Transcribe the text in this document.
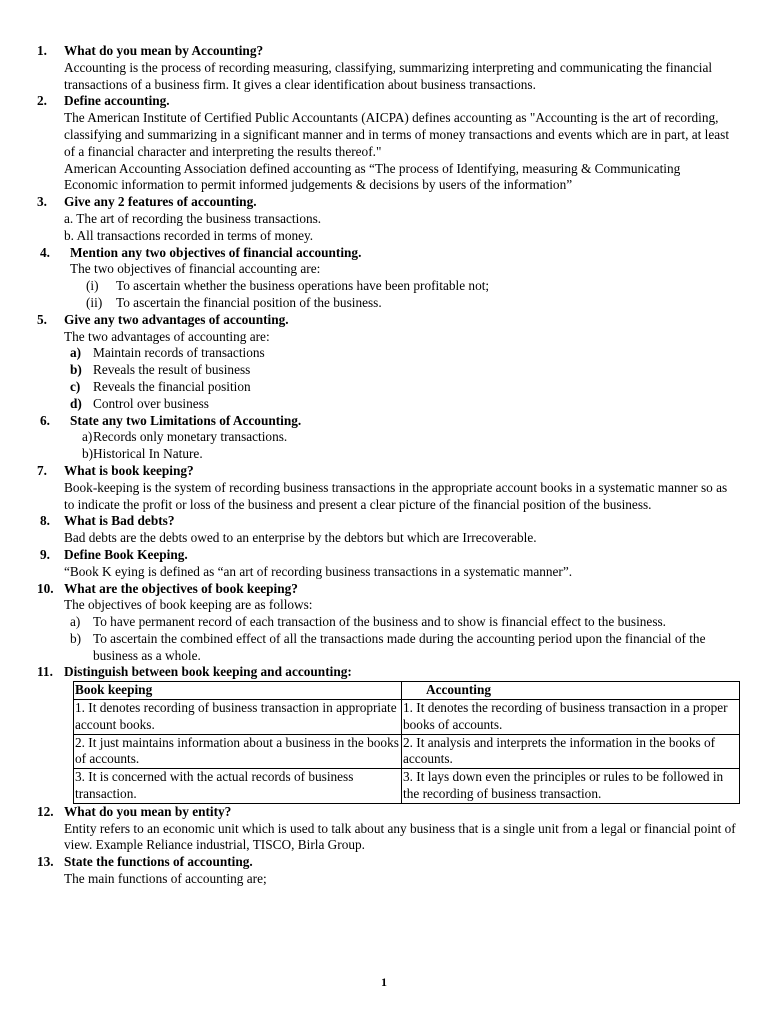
1. What do you mean by Accounting?
Accounting is the process of recording measuring, classifying, summarizing interpreting and communicating the financial transactions of a business firm. It gives a clear identification about business transactions.
2. Define accounting.
The American Institute of Certified Public Accountants (AICPA) defines accounting as "Accounting is the art of recording, classifying and summarizing in a significant manner and in terms of money transactions and events which are in part, at least of a financial character and interpreting the results thereof."
American Accounting Association defined accounting as “The process of Identifying, measuring & Communicating Economic information to permit informed judgements & decisions by users of the information”
3. Give any 2 features of accounting.
a. The art of recording the business transactions.
b. All transactions recorded in terms of money.
4. Mention any two objectives of financial accounting.
The two objectives of financial accounting are:
(i) To ascertain whether the business operations have been profitable not;
(ii) To ascertain the financial position of the business.
5. Give any two advantages of accounting.
The two advantages of accounting are:
a) Maintain records of transactions
b) Reveals the result of business
c) Reveals the financial position
d) Control over business
6. State any two Limitations of Accounting.
a) Records only monetary transactions.
b) Historical In Nature.
7. What is book keeping?
Book-keeping is the system of recording business transactions in the appropriate account books in a systematic manner so as to indicate the profit or loss of the business and present a clear picture of the financial position of the business.
8. What is Bad debts?
Bad debts are the debts owed to an enterprise by the debtors but which are Irrecoverable.
9. Define Book Keeping.
“Book K eying is defined as “an art of recording business transactions in a systematic manner”.
10. What are the objectives of book keeping?
The objectives of book keeping are as follows:
a) To have permanent record of each transaction of the business and to show is financial effect to the business.
b) To ascertain the combined effect of all the transactions made during the accounting period upon the financial of the business as a whole.
11. Distinguish between book keeping and accounting:
Book keeping	Accounting
1. It denotes recording of business transaction in appropriate account books.	1. It denotes the recording of business transaction in a proper books of accounts.
2. It just maintains information about a business in the books of accounts.	2. It analysis and interprets the information in the books of accounts.
3. It is concerned with the actual records of business transaction.	3. It lays down even the principles or rules to be followed in the recording of business transaction.
12. What do you mean by entity?
Entity refers to an economic unit which is used to talk about any business that is a single unit from a legal or financial point of view. Example Reliance industrial, TISCO, Birla Group.
13. State the functions of accounting.
The main functions of accounting are;
1
